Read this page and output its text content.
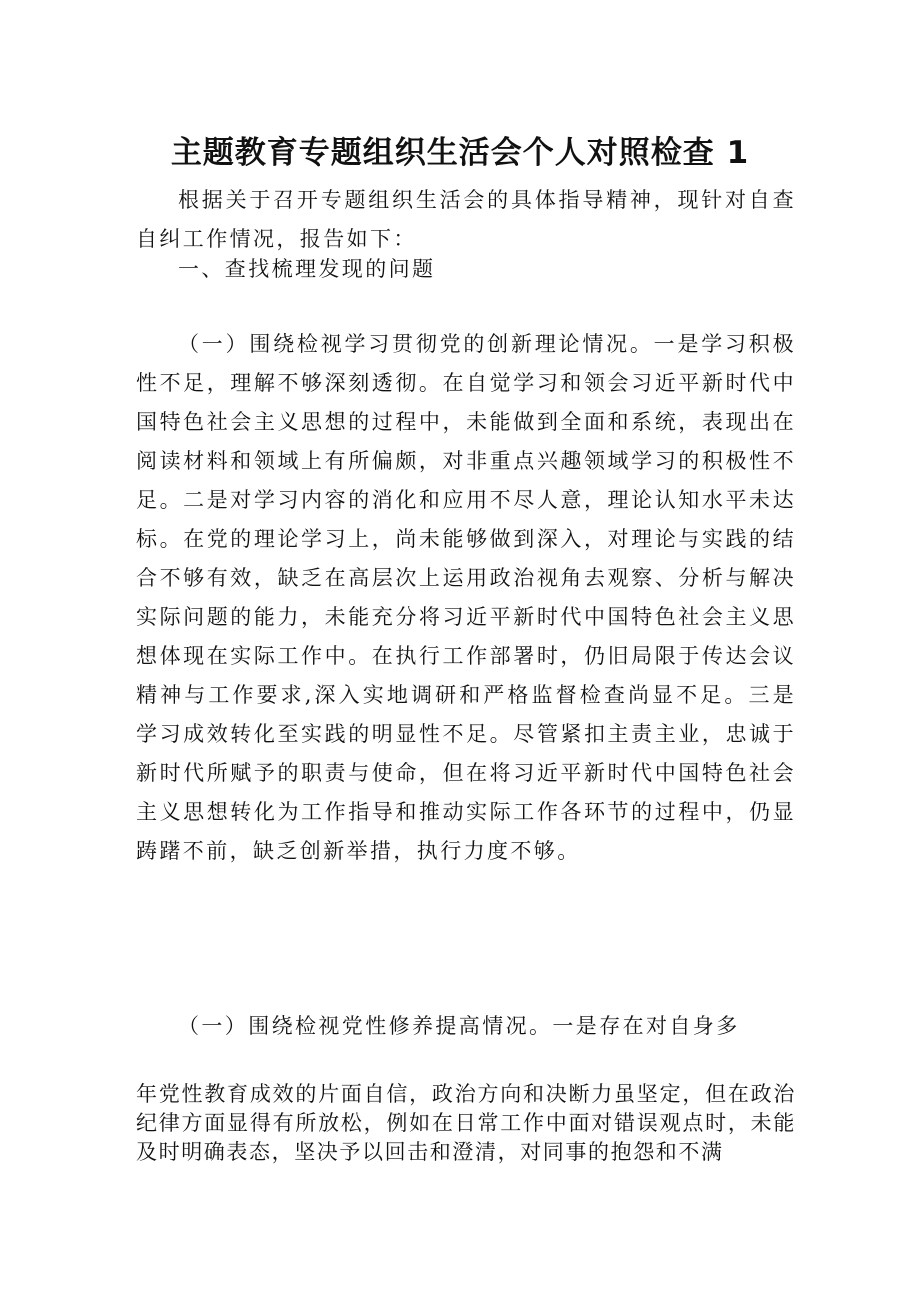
主题教育专题组织生活会个人对照检查 1

根据关于召开专题组织生活会的具体指导精神，现针对自查自纠工作情况，报告如下：

一、查找梳理发现的问题

（一）围绕检视学习贯彻党的创新理论情况。一是学习积极性不足，理解不够深刻透彻。在自觉学习和领会习近平新时代中国特色社会主义思想的过程中，未能做到全面和系统，表现出在阅读材料和领域上有所偏颇，对非重点兴趣领域学习的积极性不足。二是对学习内容的消化和应用不尽人意，理论认知水平未达标。在党的理论学习上，尚未能够做到深入，对理论与实践的结合不够有效，缺乏在高层次上运用政治视角去观察、分析与解决实际问题的能力，未能充分将习近平新时代中国特色社会主义思想体现在实际工作中。在执行工作部署时，仍旧局限于传达会议精神与工作要求,深入实地调研和严格监督检查尚显不足。三是学习成效转化至实践的明显性不足。尽管紧扣主责主业，忠诚于新时代所赋予的职责与使命，但在将习近平新时代中国特色社会主义思想转化为工作指导和推动实际工作各环节的过程中，仍显踌躇不前，缺乏创新举措，执行力度不够。

（一）围绕检视党性修养提高情况。一是存在对自身多

年党性教育成效的片面自信，政治方向和决断力虽坚定，但在政治纪律方面显得有所放松，例如在日常工作中面对错误观点时，未能及时明确表态，坚决予以回击和澄清，对同事的抱怨和不满
